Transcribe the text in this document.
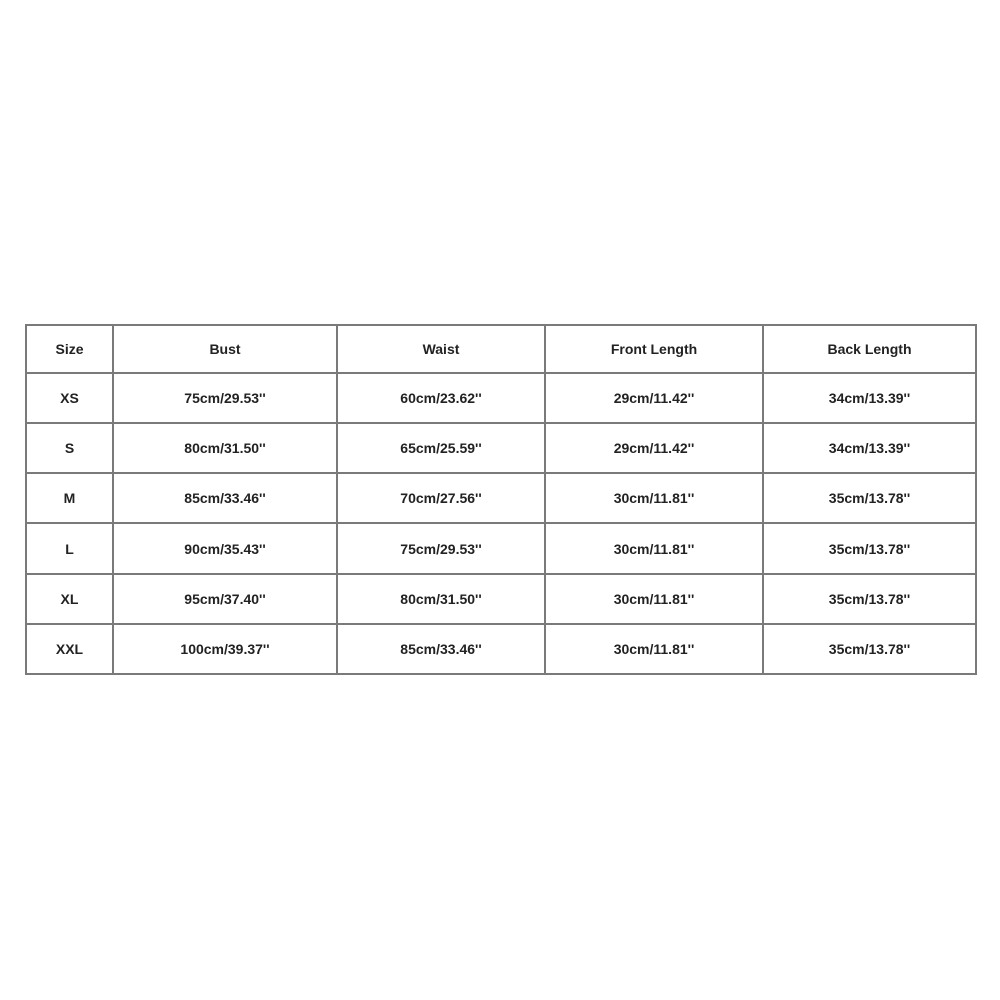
Size	Bust	Waist	Front Length	Back Length
XS	75cm/29.53''	60cm/23.62''	29cm/11.42''	34cm/13.39''
S	80cm/31.50''	65cm/25.59''	29cm/11.42''	34cm/13.39''
M	85cm/33.46''	70cm/27.56''	30cm/11.81''	35cm/13.78''
L	90cm/35.43''	75cm/29.53''	30cm/11.81''	35cm/13.78''
XL	95cm/37.40''	80cm/31.50''	30cm/11.81''	35cm/13.78''
XXL	100cm/39.37''	85cm/33.46''	30cm/11.81''	35cm/13.78''
